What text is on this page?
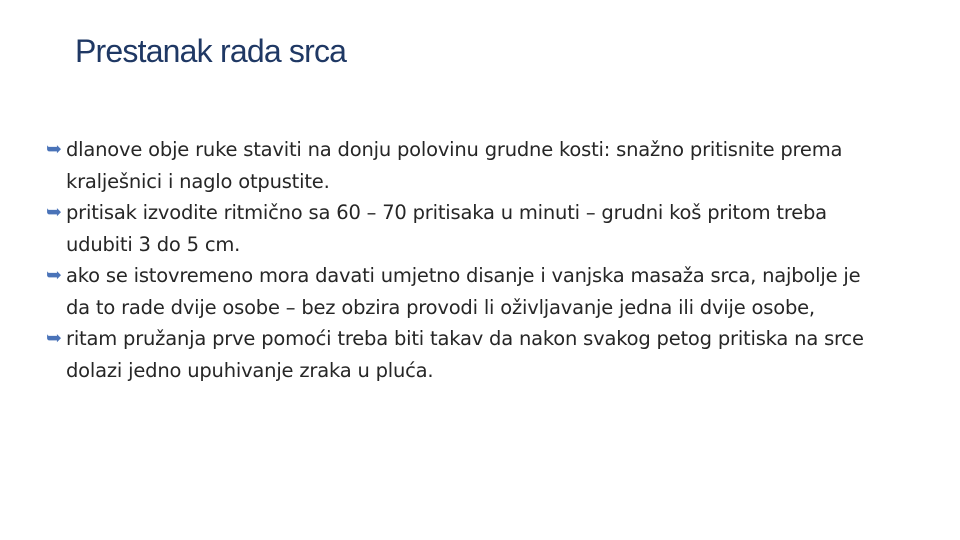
Prestanak rada srca
➥ dlanove obje ruke staviti na donju polovinu grudne kosti: snažno pritisnite prema kralješnici i naglo otpustite.
➥ pritisak izvodite ritmično sa 60 – 70 pritisaka u minuti – grudni koš pritom treba udubiti 3 do 5 cm.
➥ ako se istovremeno mora davati umjetno disanje i vanjska masaža srca, najbolje je da to rade dvije osobe – bez obzira provodi li oživljavanje jedna ili dvije osobe,
➥ ritam pružanja prve pomoći treba biti takav da nakon svakog petog pritiska na srce dolazi jedno upuhivanje zraka u pluća.
